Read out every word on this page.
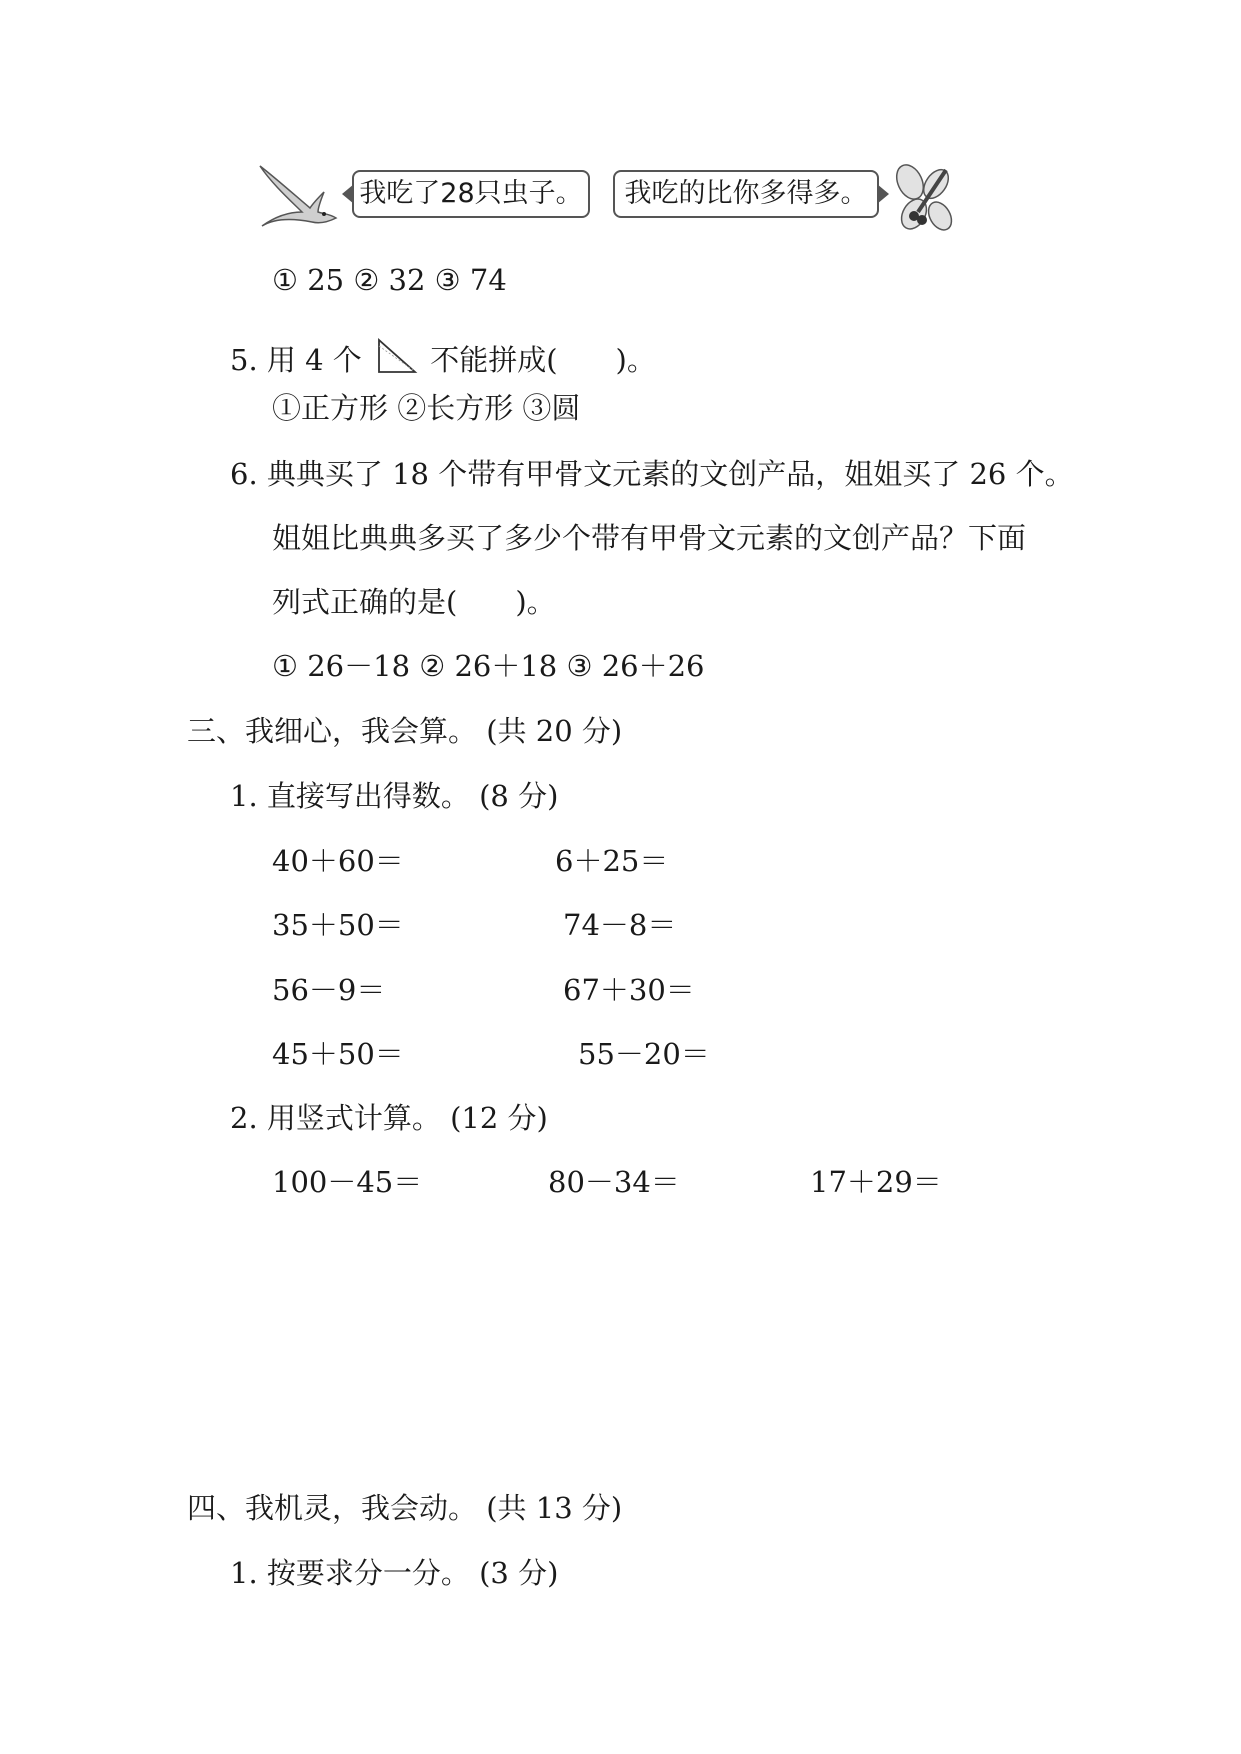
我吃了28只虫子。	我吃的比你多得多。
① 25 ② 32 ③ 74
5. 用 4 个 不能拼成(　　)。
①正方形 ②长方形 ③圆
6. 典典买了 18 个带有甲骨文元素的文创产品，姐姐买了 26 个。
姐姐比典典多买了多少个带有甲骨文元素的文创产品？下面
列式正确的是(　　)。
① 26－18 ② 26＋18 ③ 26＋26
三、我细心，我会算。 (共 20 分)
1. 直接写出得数。 (8 分)
40＋60＝	6＋25＝
35＋50＝	74－8＝
56－9＝	67＋30＝
45＋50＝	55－20＝
2. 用竖式计算。 (12 分)
100－45＝	80－34＝	17＋29＝
四、我机灵，我会动。 (共 13 分)
1. 按要求分一分。 (3 分)
